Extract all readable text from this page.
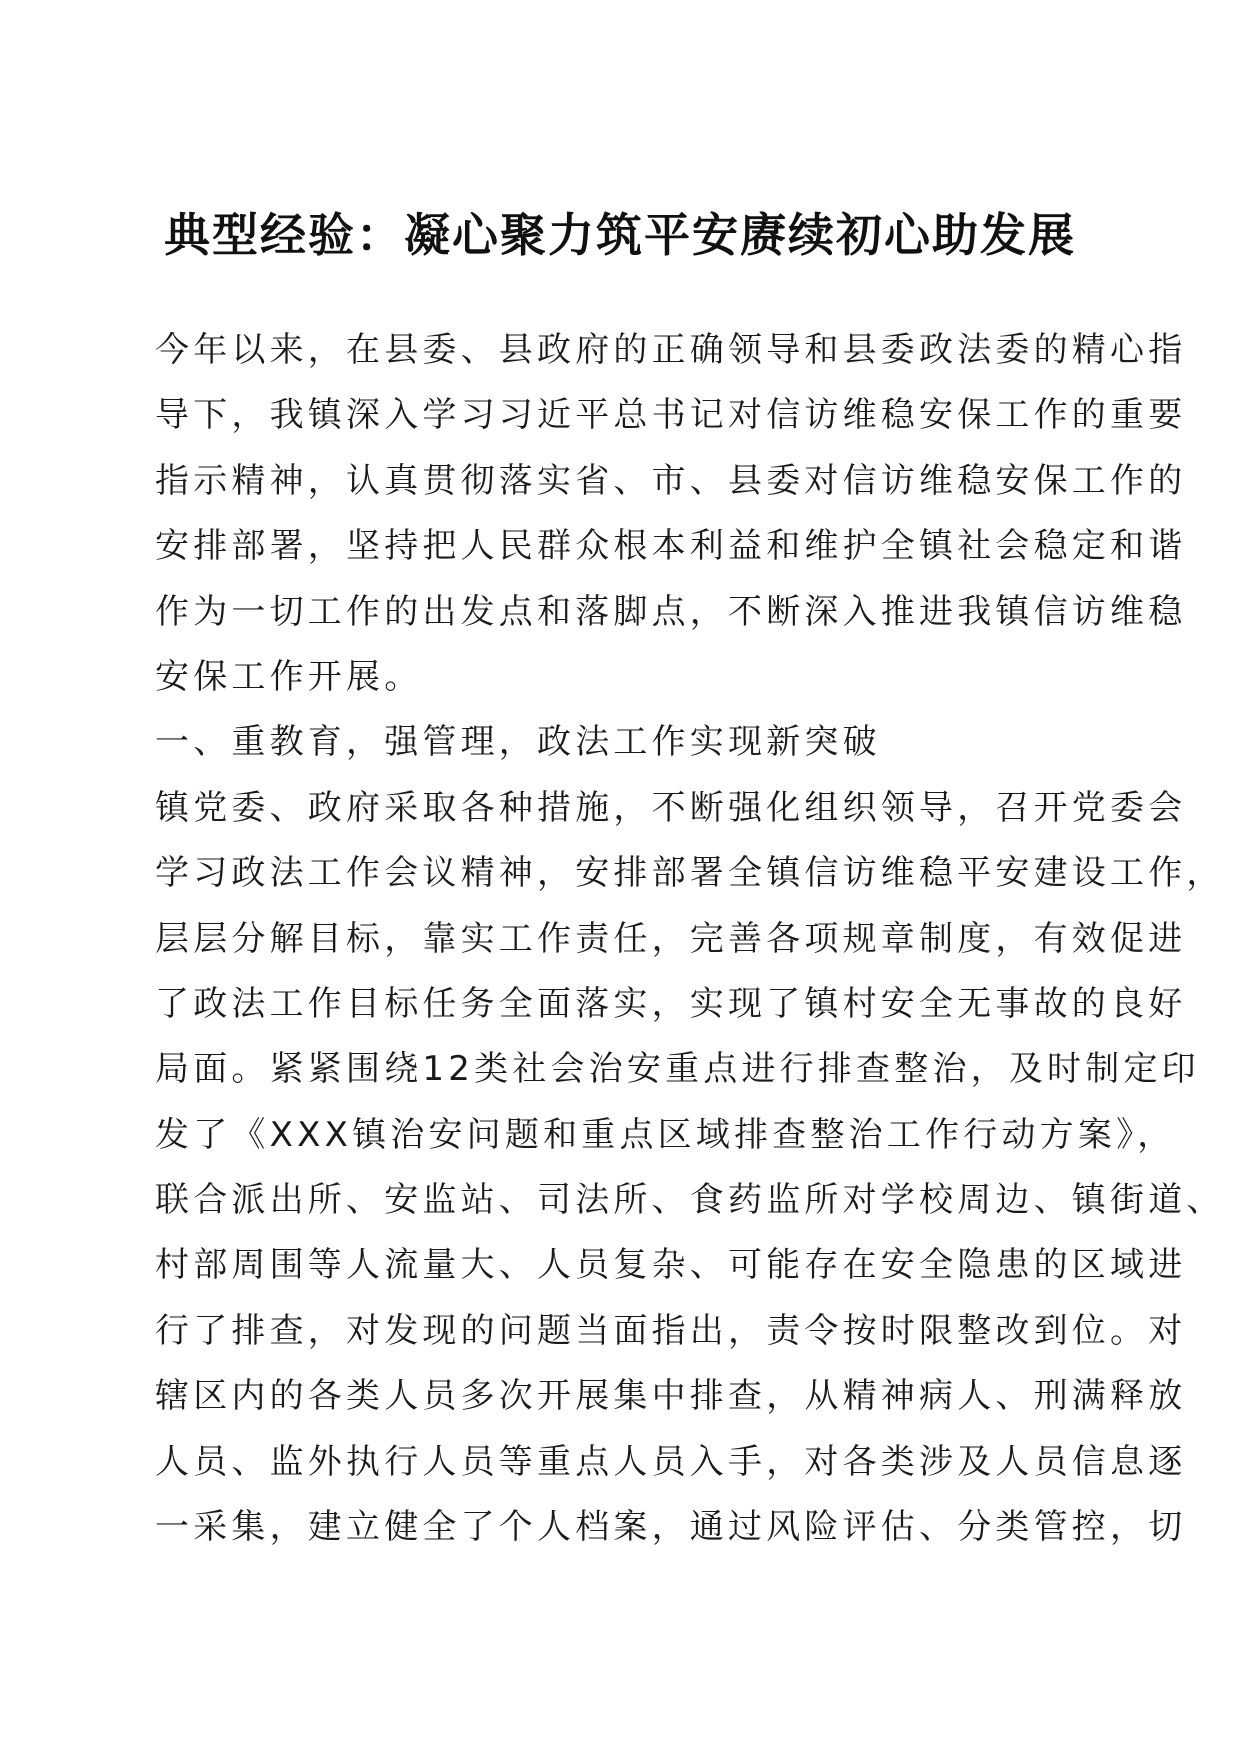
典型经验：凝心聚力筑平安赓续初心助发展

今年以来，在县委、县政府的正确领导和县委政法委的精心指

导下，我镇深入学习习近平总书记对信访维稳安保工作的重要

指示精神，认真贯彻落实省、市、县委对信访维稳安保工作的

安排部署，坚持把人民群众根本利益和维护全镇社会稳定和谐

作为一切工作的出发点和落脚点，不断深入推进我镇信访维稳

安保工作开展。

一、重教育，强管理，政法工作实现新突破

镇党委、政府采取各种措施，不断强化组织领导，召开党委会

学习政法工作会议精神，安排部署全镇信访维稳平安建设工作，

层层分解目标，靠实工作责任，完善各项规章制度，有效促进

了政法工作目标任务全面落实，实现了镇村安全无事故的良好

局面。紧紧围绕12类社会治安重点进行排查整治，及时制定印

发了《XXX镇治安问题和重点区域排查整治工作行动方案》，

联合派出所、安监站、司法所、食药监所对学校周边、镇街道、

村部周围等人流量大、人员复杂、可能存在安全隐患的区域进

行了排查，对发现的问题当面指出，责令按时限整改到位。对

辖区内的各类人员多次开展集中排查，从精神病人、刑满释放

人员、监外执行人员等重点人员入手，对各类涉及人员信息逐

一采集，建立健全了个人档案，通过风险评估、分类管控，切
